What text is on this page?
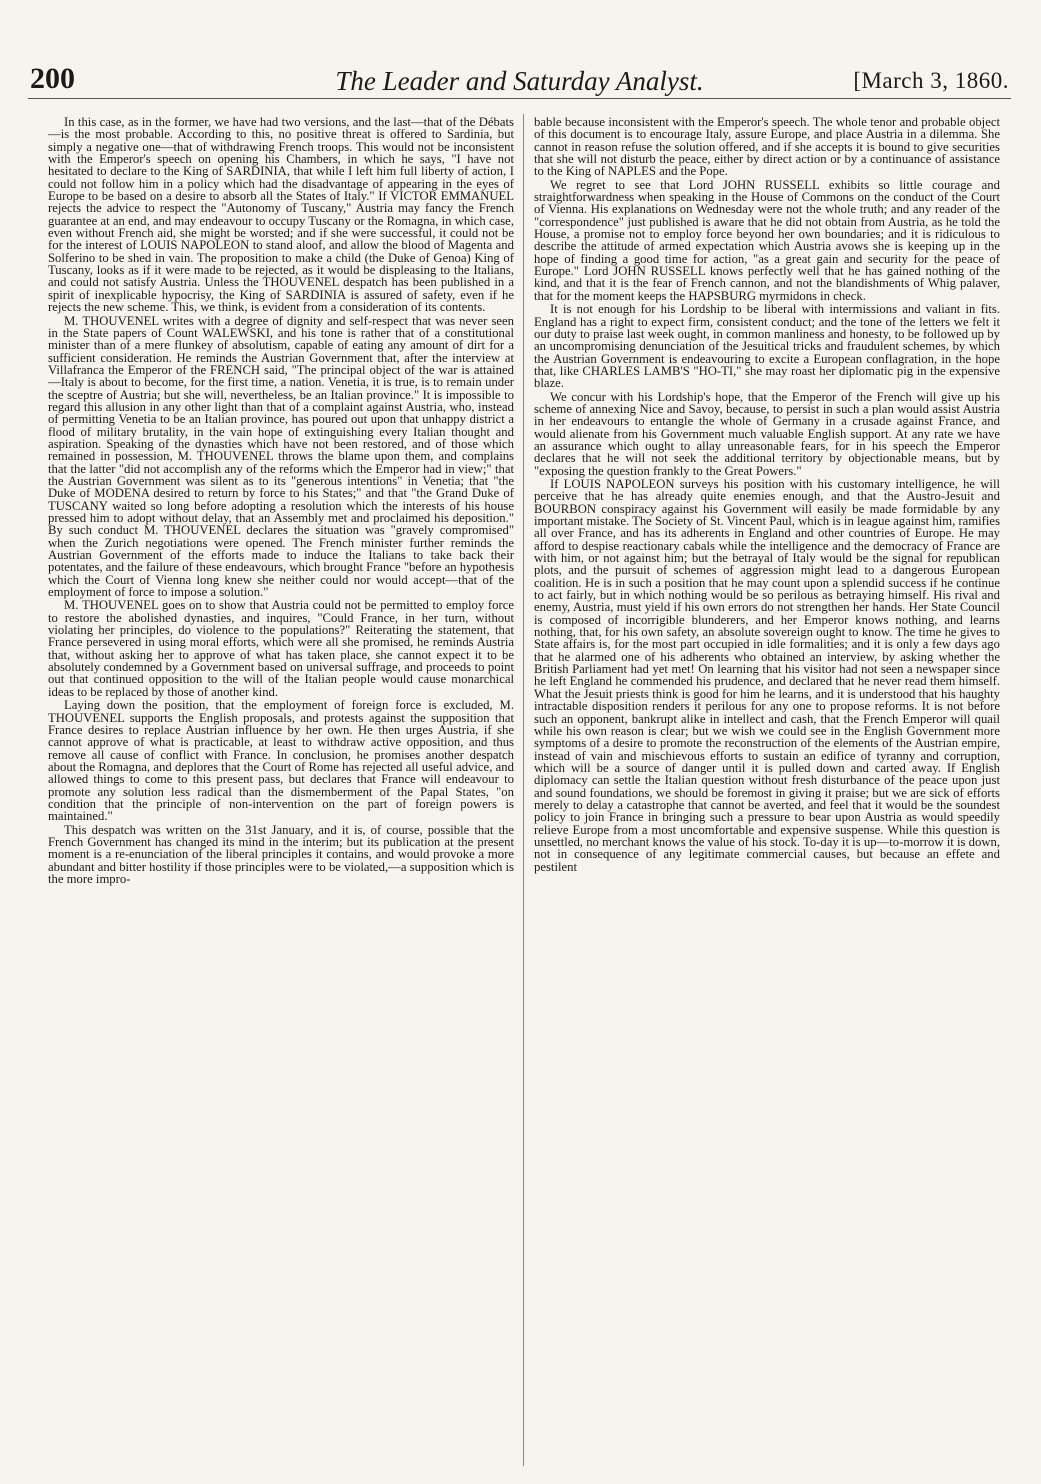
200	The Leader and Saturday Analyst.	[March 3, 1860.

In this case, as in the former, we have had two versions, and the last—that of the Débats—is the most probable. According to this, no positive threat is offered to Sardinia, but simply a negative one—that of withdrawing French troops. This would not be inconsistent with the Emperor's speech on opening his Chambers, in which he says, "I have not hesitated to declare to the King of SARDINIA, that while I left him full liberty of action, I could not follow him in a policy which had the disadvantage of appearing in the eyes of Europe to be based on a desire to absorb all the States of Italy." If VICTOR EMMANUEL rejects the advice to respect the "Autonomy of Tuscany," Austria may fancy the French guarantee at an end, and may endeavour to occupy Tuscany or the Romagna, in which case, even without French aid, she might be worsted; and if she were successful, it could not be for the interest of LOUIS NAPOLEON to stand aloof, and allow the blood of Magenta and Solferino to be shed in vain. The proposition to make a child (the Duke of Genoa) King of Tuscany, looks as if it were made to be rejected, as it would be displeasing to the Italians, and could not satisfy Austria. Unless the THOUVENEL despatch has been published in a spirit of inexplicable hypocrisy, the King of SARDINIA is assured of safety, even if he rejects the new scheme. This, we think, is evident from a consideration of its contents.

M. THOUVENEL writes with a degree of dignity and self-respect that was never seen in the State papers of Count WALEWSKI, and his tone is rather that of a constitutional minister than of a mere flunkey of absolutism, capable of eating any amount of dirt for a sufficient consideration. He reminds the Austrian Government that, after the interview at Villafranca the Emperor of the FRENCH said, "The principal object of the war is attained—Italy is about to become, for the first time, a nation. Venetia, it is true, is to remain under the sceptre of Austria; but she will, nevertheless, be an Italian province." It is impossible to regard this allusion in any other light than that of a complaint against Austria, who, instead of permitting Venetia to be an Italian province, has poured out upon that unhappy district a flood of military brutality, in the vain hope of extinguishing every Italian thought and aspiration. Speaking of the dynasties which have not been restored, and of those which remained in possession, M. THOUVENEL throws the blame upon them, and complains that the latter "did not accomplish any of the reforms which the Emperor had in view;" that the Austrian Government was silent as to its "generous intentions" in Venetia; that "the Duke of MODENA desired to return by force to his States;" and that "the Grand Duke of TUSCANY waited so long before adopting a resolution which the interests of his house pressed him to adopt without delay, that an Assembly met and proclaimed his deposition." By such conduct M. THOUVENEL declares the situation was "gravely compromised" when the Zurich negotiations were opened. The French minister further reminds the Austrian Government of the efforts made to induce the Italians to take back their potentates, and the failure of these endeavours, which brought France "before an hypothesis which the Court of Vienna long knew she neither could nor would accept—that of the employment of force to impose a solution."

M. THOUVENEL goes on to show that Austria could not be permitted to employ force to restore the abolished dynasties, and inquires, "Could France, in her turn, without violating her principles, do violence to the populations?" Reiterating the statement, that France persevered in using moral efforts, which were all she promised, he reminds Austria that, without asking her to approve of what has taken place, she cannot expect it to be absolutely condemned by a Government based on universal suffrage, and proceeds to point out that continued opposition to the will of the Italian people would cause monarchical ideas to be replaced by those of another kind.

Laying down the position, that the employment of foreign force is excluded, M. THOUVENEL supports the English proposals, and protests against the supposition that France desires to replace Austrian influence by her own. He then urges Austria, if she cannot approve of what is practicable, at least to withdraw active opposition, and thus remove all cause of conflict with France. In conclusion, he promises another despatch about the Romagna, and deplores that the Court of Rome has rejected all useful advice, and allowed things to come to this present pass, but declares that France will endeavour to promote any solution less radical than the dismemberment of the Papal States, "on condition that the principle of non-intervention on the part of foreign powers is maintained."

This despatch was written on the 31st January, and it is, of course, possible that the French Government has changed its mind in the interim; but its publication at the present moment is a re-enunciation of the liberal principles it contains, and would provoke a more abundant and bitter hostility if those principles were to be violated,—a supposition which is the more impro-

bable because inconsistent with the Emperor's speech. The whole tenor and probable object of this document is to encourage Italy, assure Europe, and place Austria in a dilemma. She cannot in reason refuse the solution offered, and if she accepts it is bound to give securities that she will not disturb the peace, either by direct action or by a continuance of assistance to the King of NAPLES and the Pope.

We regret to see that Lord JOHN RUSSELL exhibits so little courage and straightforwardness when speaking in the House of Commons on the conduct of the Court of Vienna. His explanations on Wednesday were not the whole truth; and any reader of the "correspondence" just published is aware that he did not obtain from Austria, as he told the House, a promise not to employ force beyond her own boundaries; and it is ridiculous to describe the attitude of armed expectation which Austria avows she is keeping up in the hope of finding a good time for action, "as a great gain and security for the peace of Europe." Lord JOHN RUSSELL knows perfectly well that he has gained nothing of the kind, and that it is the fear of French cannon, and not the blandishments of Whig palaver, that for the moment keeps the HAPSBURG myrmidons in check.

It is not enough for his Lordship to be liberal with intermissions and valiant in fits. England has a right to expect firm, consistent conduct; and the tone of the letters we felt it our duty to praise last week ought, in common manliness and honesty, to be followed up by an uncompromising denunciation of the Jesuitical tricks and fraudulent schemes, by which the Austrian Government is endeavouring to excite a European conflagration, in the hope that, like CHARLES LAMB'S "HO-TI," she may roast her diplomatic pig in the expensive blaze.

We concur with his Lordship's hope, that the Emperor of the French will give up his scheme of annexing Nice and Savoy, because, to persist in such a plan would assist Austria in her endeavours to entangle the whole of Germany in a crusade against France, and would alienate from his Government much valuable English support. At any rate we have an assurance which ought to allay unreasonable fears, for in his speech the Emperor declares that he will not seek the additional territory by objectionable means, but by "exposing the question frankly to the Great Powers."

If LOUIS NAPOLEON surveys his position with his customary intelligence, he will perceive that he has already quite enemies enough, and that the Austro-Jesuit and BOURBON conspiracy against his Government will easily be made formidable by any important mistake. The Society of St. Vincent Paul, which is in league against him, ramifies all over France, and has its adherents in England and other countries of Europe. He may afford to despise reactionary cabals while the intelligence and the democracy of France are with him, or not against him; but the betrayal of Italy would be the signal for republican plots, and the pursuit of schemes of aggression might lead to a dangerous European coalition. He is in such a position that he may count upon a splendid success if he continue to act fairly, but in which nothing would be so perilous as betraying himself. His rival and enemy, Austria, must yield if his own errors do not strengthen her hands. Her State Council is composed of incorrigible blunderers, and her Emperor knows nothing, and learns nothing, that, for his own safety, an absolute sovereign ought to know. The time he gives to State affairs is, for the most part occupied in idle formalities; and it is only a few days ago that he alarmed one of his adherents who obtained an interview, by asking whether the British Parliament had yet met! On learning that his visitor had not seen a newspaper since he left England he commended his prudence, and declared that he never read them himself. What the Jesuit priests think is good for him he learns, and it is understood that his haughty intractable disposition renders it perilous for any one to propose reforms. It is not before such an opponent, bankrupt alike in intellect and cash, that the French Emperor will quail while his own reason is clear; but we wish we could see in the English Government more symptoms of a desire to promote the reconstruction of the elements of the Austrian empire, instead of vain and mischievous efforts to sustain an edifice of tyranny and corruption, which will be a source of danger until it is pulled down and carted away. If English diplomacy can settle the Italian question without fresh disturbance of the peace upon just and sound foundations, we should be foremost in giving it praise; but we are sick of efforts merely to delay a catastrophe that cannot be averted, and feel that it would be the soundest policy to join France in bringing such a pressure to bear upon Austria as would speedily relieve Europe from a most uncomfortable and expensive suspense. While this question is unsettled, no merchant knows the value of his stock. To-day it is up—to-morrow it is down, not in consequence of any legitimate commercial causes, but because an effete and pestilent
